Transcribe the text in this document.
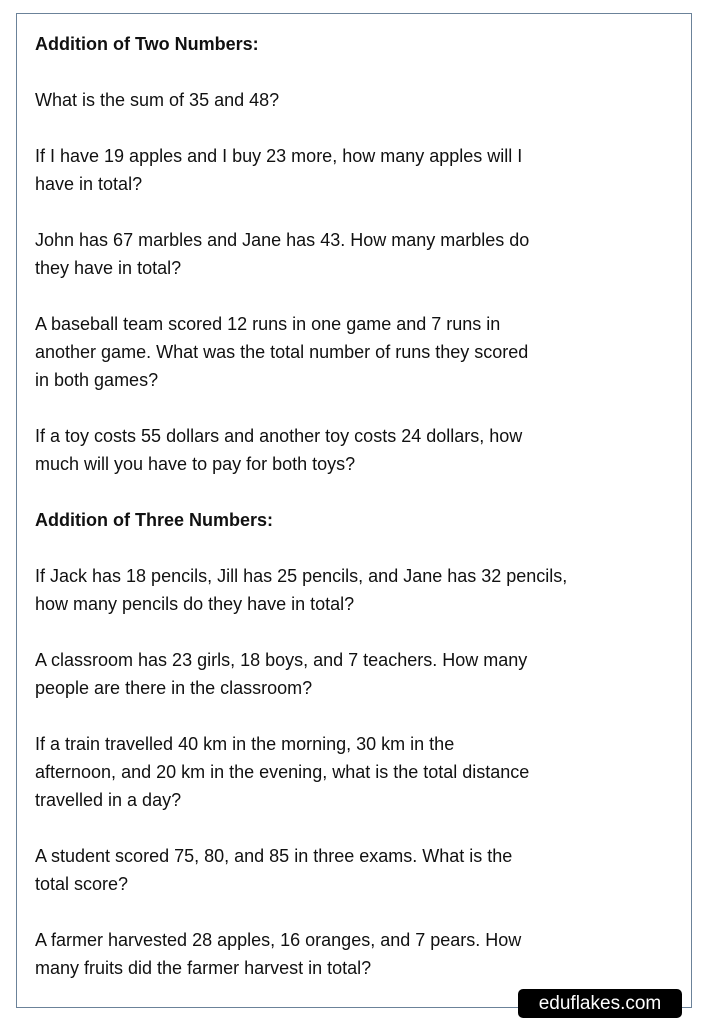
Addition of Two Numbers:
What is the sum of 35 and 48?
If I have 19 apples and I buy 23 more, how many apples will I
have in total?
John has 67 marbles and Jane has 43. How many marbles do
they have in total?
A baseball team scored 12 runs in one game and 7 runs in
another game. What was the total number of runs they scored
in both games?
If a toy costs 55 dollars and another toy costs 24 dollars, how
much will you have to pay for both toys?
Addition of Three Numbers:
If Jack has 18 pencils, Jill has 25 pencils, and Jane has 32 pencils,
how many pencils do they have in total?
A classroom has 23 girls, 18 boys, and 7 teachers. How many
people are there in the classroom?
If a train travelled 40 km in the morning, 30 km in the
afternoon, and 20 km in the evening, what is the total distance
travelled in a day?
A student scored 75, 80, and 85 in three exams. What is the
total score?
A farmer harvested 28 apples, 16 oranges, and 7 pears. How
many fruits did the farmer harvest in total?
eduflakes.com
